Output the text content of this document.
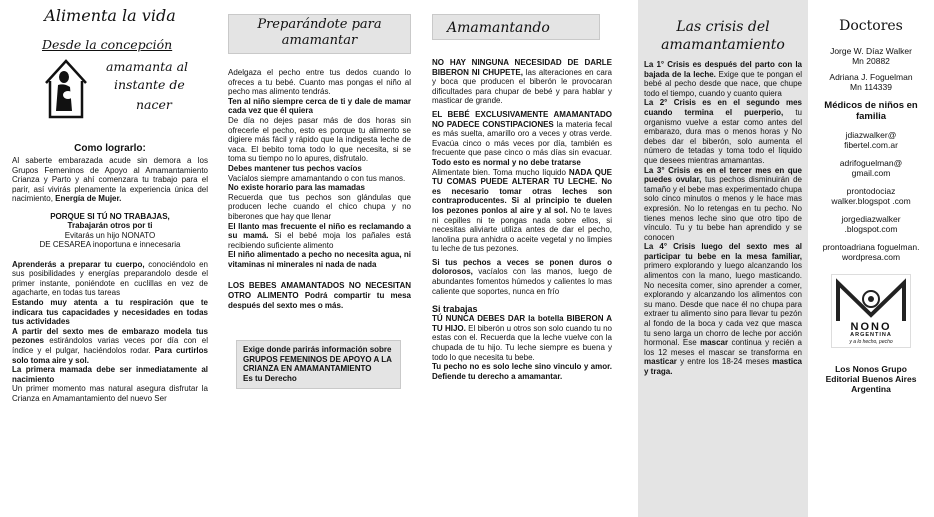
Alimenta la vida
Desde la concepción
amamanta al
instante de
nacer
Como lograrlo:
Al saberte embarazada acude sin demora a los Grupos Femeninos de Apoyo al Amamantamiento Crianza y Parto y ahí comenzara tu trabajo para el parir, así vivirás plenamente la experiencia única del nacimiento, Energía de Mujer.
PORQUE SI TÚ NO TRABAJAS,
Trabajarán otros por ti
Evitarás un hijo NONATO
DE CESAREA inoportuna e innecesaria
Aprenderás a preparar tu cuerpo, conociéndolo en sus posibilidades y energías preparandolo desde el primer instante, poniéndote en cuclillas en vez de agacharte, en todas tus tareas
Estando muy atenta a tu respiración que te indicara tus capacidades y necesidades en todas tus actividades
A partir del sexto mes de embarazo modela tus pezones estirándolos varias veces por día con el índice y el pulgar, haciéndolos rodar. Para curtirlos solo toma aire y sol.
La primera mamada debe ser inmediatamente al nacimiento
Un primer momento mas natural asegura disfrutar la Crianza en Amamantamiento del nuevo Ser
Preparándote para amamantar
Adelgaza el pecho entre tus dedos cuando lo ofreces a tu bebé. Cuanto mas pongas el niño al pecho mas alimento tendrás.
Ten al niño siempre cerca de ti y dale de mamar cada vez que él quiera
De día no dejes pasar más de dos horas sin ofrecerle el pecho, esto es porque tu alimento se digiere más fácil y rápido que la indigesta leche de vaca. El bebito toma todo lo que necesita, si se toma su tiempo no lo apures, disfrutalo.
Debes mantener tus pechos vacíos
Vacíalos siempre amamantando o con tus manos.
No existe horario para las mamadas
Recuerda que tus pechos son glándulas que producen leche cuando el chico chupa y no biberones que hay que llenar
El llanto mas frecuente el niño es reclamando a su mamá. Si el bebé moja los pañales está recibiendo suficiente alimento
El niño alimentado a pecho no necesita agua, ni vitaminas ni minerales ni nada de nada
LOS BEBES AMAMANTADOS NO NECESITAN OTRO ALIMENTO Podrá compartir tu mesa después del sexto mes o más.
Exige donde parirás información sobre GRUPOS FEMENINOS DE APOYO A LA CRIANZA EN AMAMANTAMIENTO
Es tu Derecho
Amamantando
NO HAY NINGUNA NECESIDAD DE DARLE BIBERON NI CHUPETE, las alteraciones en cara y boca que producen el biberón le provocaran dificultades para chupar de bebé y para hablar y masticar de grande.
EL BEBÉ EXCLUSIVAMENTE AMAMANTADO NO PADECE CONSTIPACIONES la materia fecal es más suelta, amarillo oro a veces y otras verde. Evacúa cinco o más veces por día, también es frecuente que pase cinco o más días sin evacuar. Todo esto es normal y no debe tratarse
Alimentate bien. Toma mucho líquido NADA QUE TU COMAS PUEDE ALTERAR TU LECHE. No es necesario tomar otras leches son contraproducentes. Si al principio te duelen los pezones ponlos al aire y al sol. No te laves ni cepilles ni te pongas nada sobre ellos, si necesitas aliviarte utiliza antes de dar el pecho, lanolina pura anhidra o aceite vegetal y no limpies tu leche de tus pezones.
Si tus pechos a veces se ponen duros o dolorosos, vacíalos con las manos, luego de abundantes fomentos húmedos y calientes lo mas caliente que soportes, nunca en frío
Si trabajas
TÚ NUNCA DEBES DAR la botella BIBERON A TU HIJO. El biberón u otros son solo cuando tu no estas con el. Recuerda que la leche vuelve con la chupada de tu hijo. Tu leche siempre es buena y todo lo que necesita tu bebe.
Tu pecho no es solo leche sino vinculo y amor. Defiende tu derecho a amamantar.
Las crisis del amamantamiento
La 1° Crisis es después del parto con la bajada de la leche. Exige que te pongan el bebé al pecho desde que nace, que chupe todo el tiempo, cuando y cuanto quiera
La 2° Crisis es en el segundo mes cuando termina el puerperio, tu organismo vuelve a estar como antes del embarazo, dura mas o menos horas y No debes dar el biberón, solo aumenta el número de tetadas y toma todo el líquido que desees mientras amamantas.
La 3° Crisis es en el tercer mes en que puedes ovular, tus pechos disminuirán de tamaño y el bebe mas experimentado chupa solo cinco minutos o menos y le hace mas expresión. No lo retengas en tu pecho. No tienes menos leche sino que otro tipo de vínculo. Tu y tu bebe han aprendido y se conocen
La 4° Crisis luego del sexto mes al participar tu bebe en la mesa familiar, primero explorando y luego alcanzando los alimentos con la mano, luego masticando. No necesita comer, sino aprender a comer, explorando y alcanzando los alimentos con su mano. Desde que nace él no chupa para extraer tu alimento sino para llevar tu pezón al fondo de la boca y cada vez que masca tu seno larga un chorro de leche por acción hormonal. Ese mascar continua y recién a los 12 meses el mascar se transforma en masticar y entre los 18-24 meses mastica y traga.
Doctores
Jorge W. Díaz Walker
Mn 20882
Adriana J. Foguelman
Mn 114339
Médicos de niños en familia
jdiazwalker@ fibertel.com.ar
adrifoguelman@ gmail.com
prontodociaz walker.blogspot .com
jorgediazwalker .blogspot.com
prontoadriana foguelman. wordpresa.com
NONO
ARGENTINA
y a lo hecho, pecho
Los Nonos Grupo Editorial Buenos Aires Argentina
